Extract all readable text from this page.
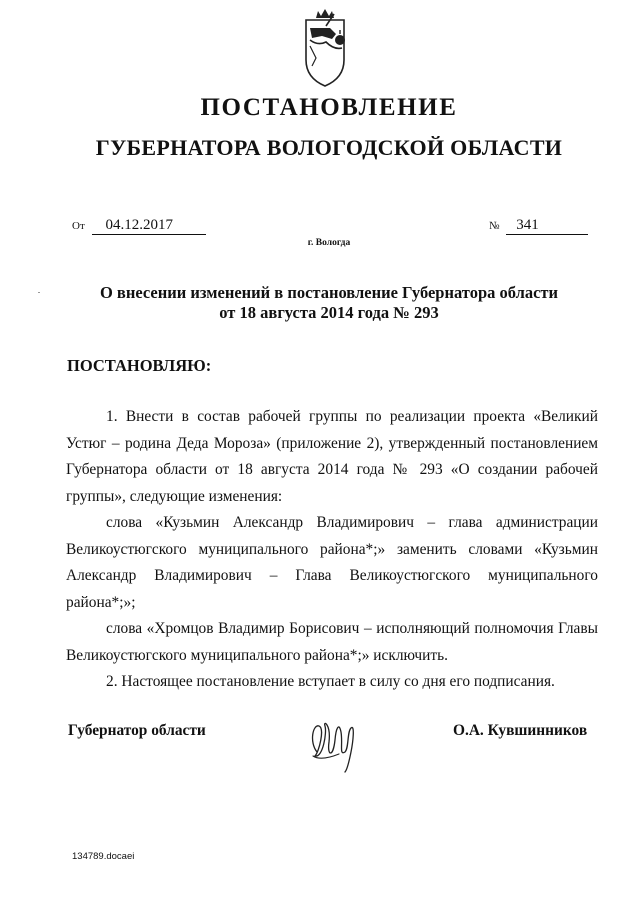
ПОСТАНОВЛЕНИЕ
ГУБЕРНАТОРА ВОЛОГОДСКОЙ ОБЛАСТИ
От 04.12.2017	№ 341
г. Вологда
О внесении изменений в постановление Губернатора области
от 18 августа 2014 года № 293
ПОСТАНОВЛЯЮ:

1. Внести в состав рабочей группы по реализации проекта «Великий Устюг – родина Деда Мороза» (приложение 2), утвержденный постановлением Губернатора области от 18 августа 2014 года № 293 «О создании рабочей группы», следующие изменения:

слова «Кузьмин Александр Владимирович – глава администрации Великоустюгского муниципального района*;» заменить словами «Кузьмин Александр Владимирович – Глава Великоустюгского муниципального района*;»;

слова «Хромцов Владимир Борисович – исполняющий полномочия Главы Великоустюгского муниципального района*;» исключить.

2. Настоящее постановление вступает в силу со дня его подписания.

Губернатор области	О.А. Кувшинников
134789.docaei
